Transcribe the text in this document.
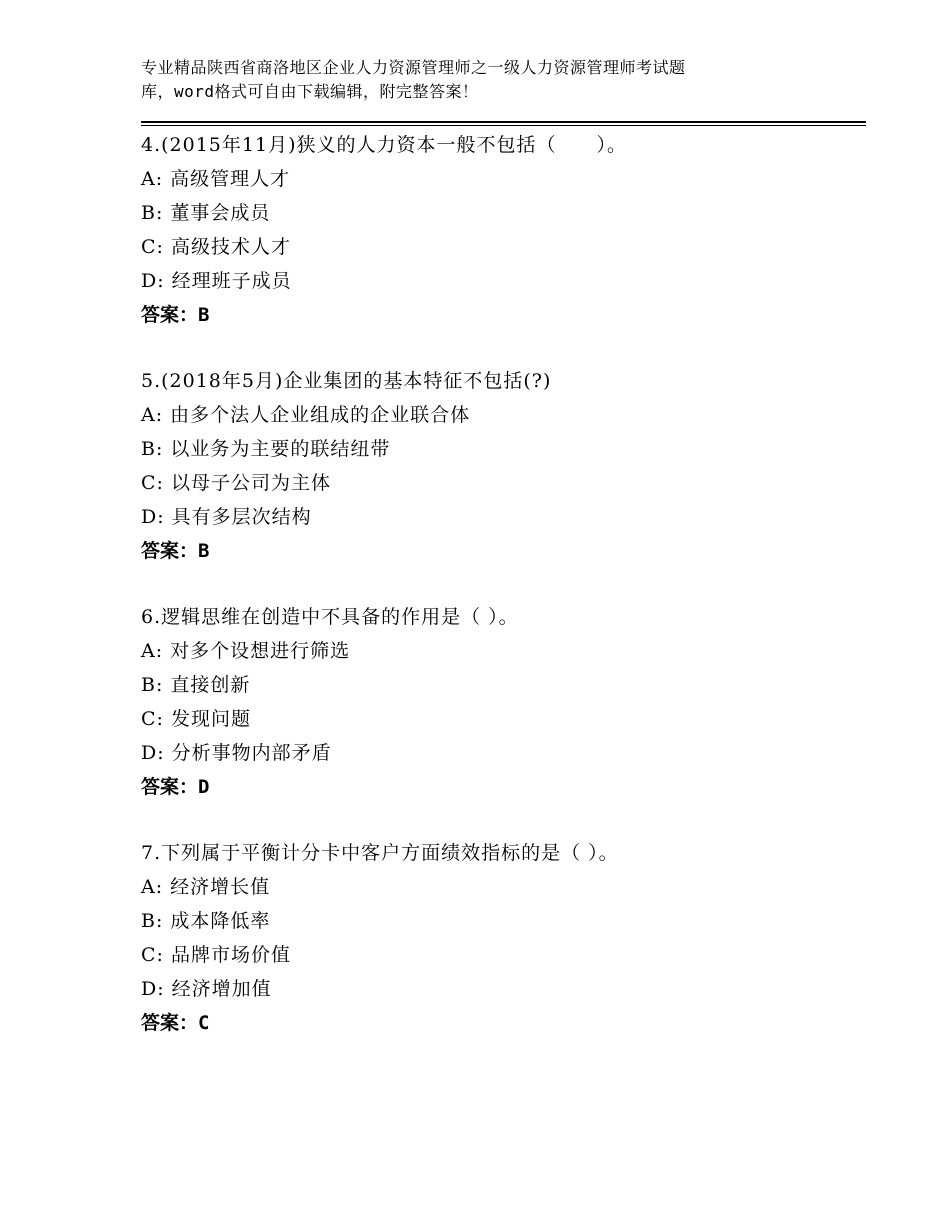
专业精品陕西省商洛地区企业人力资源管理师之一级人力资源管理师考试题
库，word格式可自由下载编辑，附完整答案！
4.(2015年11月)狭义的人力资本一般不包括（　　）。
A: 高级管理人才
B: 董事会成员
C: 高级技术人才
D: 经理班子成员
答案：B
5.(2018年5月)企业集团的基本特征不包括(?)
A: 由多个法人企业组成的企业联合体
B: 以业务为主要的联结纽带
C: 以母子公司为主体
D: 具有多层次结构
答案：B
6.逻辑思维在创造中不具备的作用是（ ）。
A: 对多个设想进行筛选
B: 直接创新
C: 发现问题
D: 分析事物内部矛盾
答案：D
7.下列属于平衡计分卡中客户方面绩效指标的是（ ）。
A: 经济增长值
B: 成本降低率
C: 品牌市场价值
D: 经济增加值
答案：C
